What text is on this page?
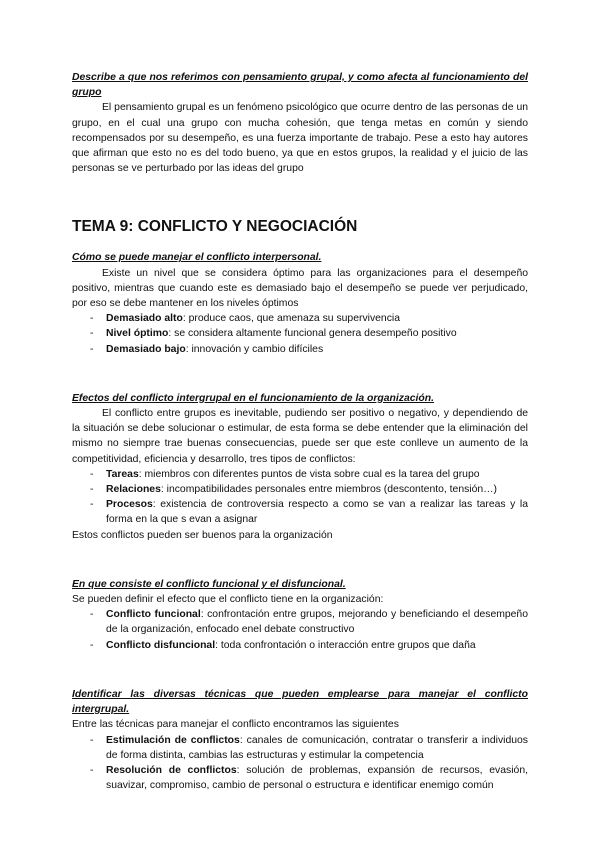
Describe a que nos referimos con pensamiento grupal, y como afecta al funcionamiento del grupo

El pensamiento grupal es un fenómeno psicológico que ocurre dentro de las personas de un grupo, en el cual una grupo con mucha cohesión, que tenga metas en común y siendo recompensados por su desempeño, es una fuerza importante de trabajo. Pese a esto hay autores que afirman que esto no es del todo bueno, ya que en estos grupos, la realidad y el juicio de las personas se ve perturbado por las ideas del grupo

TEMA 9: CONFLICTO Y NEGOCIACIÓN

Cómo se puede manejar el conflicto interpersonal.

Existe un nivel que se considera óptimo para las organizaciones para el desempeño positivo, mientras que cuando este es demasiado bajo el desempeño se puede ver perjudicado, por eso se debe mantener en los niveles óptimos

- Demasiado alto: produce caos, que amenaza su supervivencia
- Nivel óptimo: se considera altamente funcional genera desempeño positivo
- Demasiado bajo: innovación y cambio difíciles

Efectos del conflicto intergrupal en el funcionamiento de la organización.

El conflicto entre grupos es inevitable, pudiendo ser positivo o negativo, y dependiendo de la situación se debe solucionar o estimular, de esta forma se debe entender que la eliminación del mismo no siempre trae buenas consecuencias, puede ser que este conlleve un aumento de la competitividad, eficiencia y desarrollo, tres tipos de conflictos:

- Tareas: miembros con diferentes puntos de vista sobre cual es la tarea del grupo
- Relaciones: incompatibilidades personales entre miembros (descontento, tensión…)
- Procesos: existencia de controversia respecto a como se van a realizar las tareas y la forma en la que s evan a asignar

Estos conflictos pueden ser buenos para la organización

En que consiste el conflicto funcional y el disfuncional.

Se pueden definir el efecto que el conflicto tiene en la organización:

- Conflicto funcional: confrontación entre grupos, mejorando y beneficiando el desempeño de la organización, enfocado enel debate constructivo
- Conflicto disfuncional: toda confrontación o interacción entre grupos que daña

Identificar las diversas técnicas que pueden emplearse para manejar el conflicto intergrupal.

Entre las técnicas para manejar el conflicto encontramos las siguientes

- Estimulación de conflictos: canales de comunicación, contratar o transferir a individuos de forma distinta, cambias las estructuras y estimular la competencia
- Resolución de conflictos: solución de problemas, expansión de recursos, evasión, suavizar, compromiso, cambio de personal o estructura e identificar enemigo común
